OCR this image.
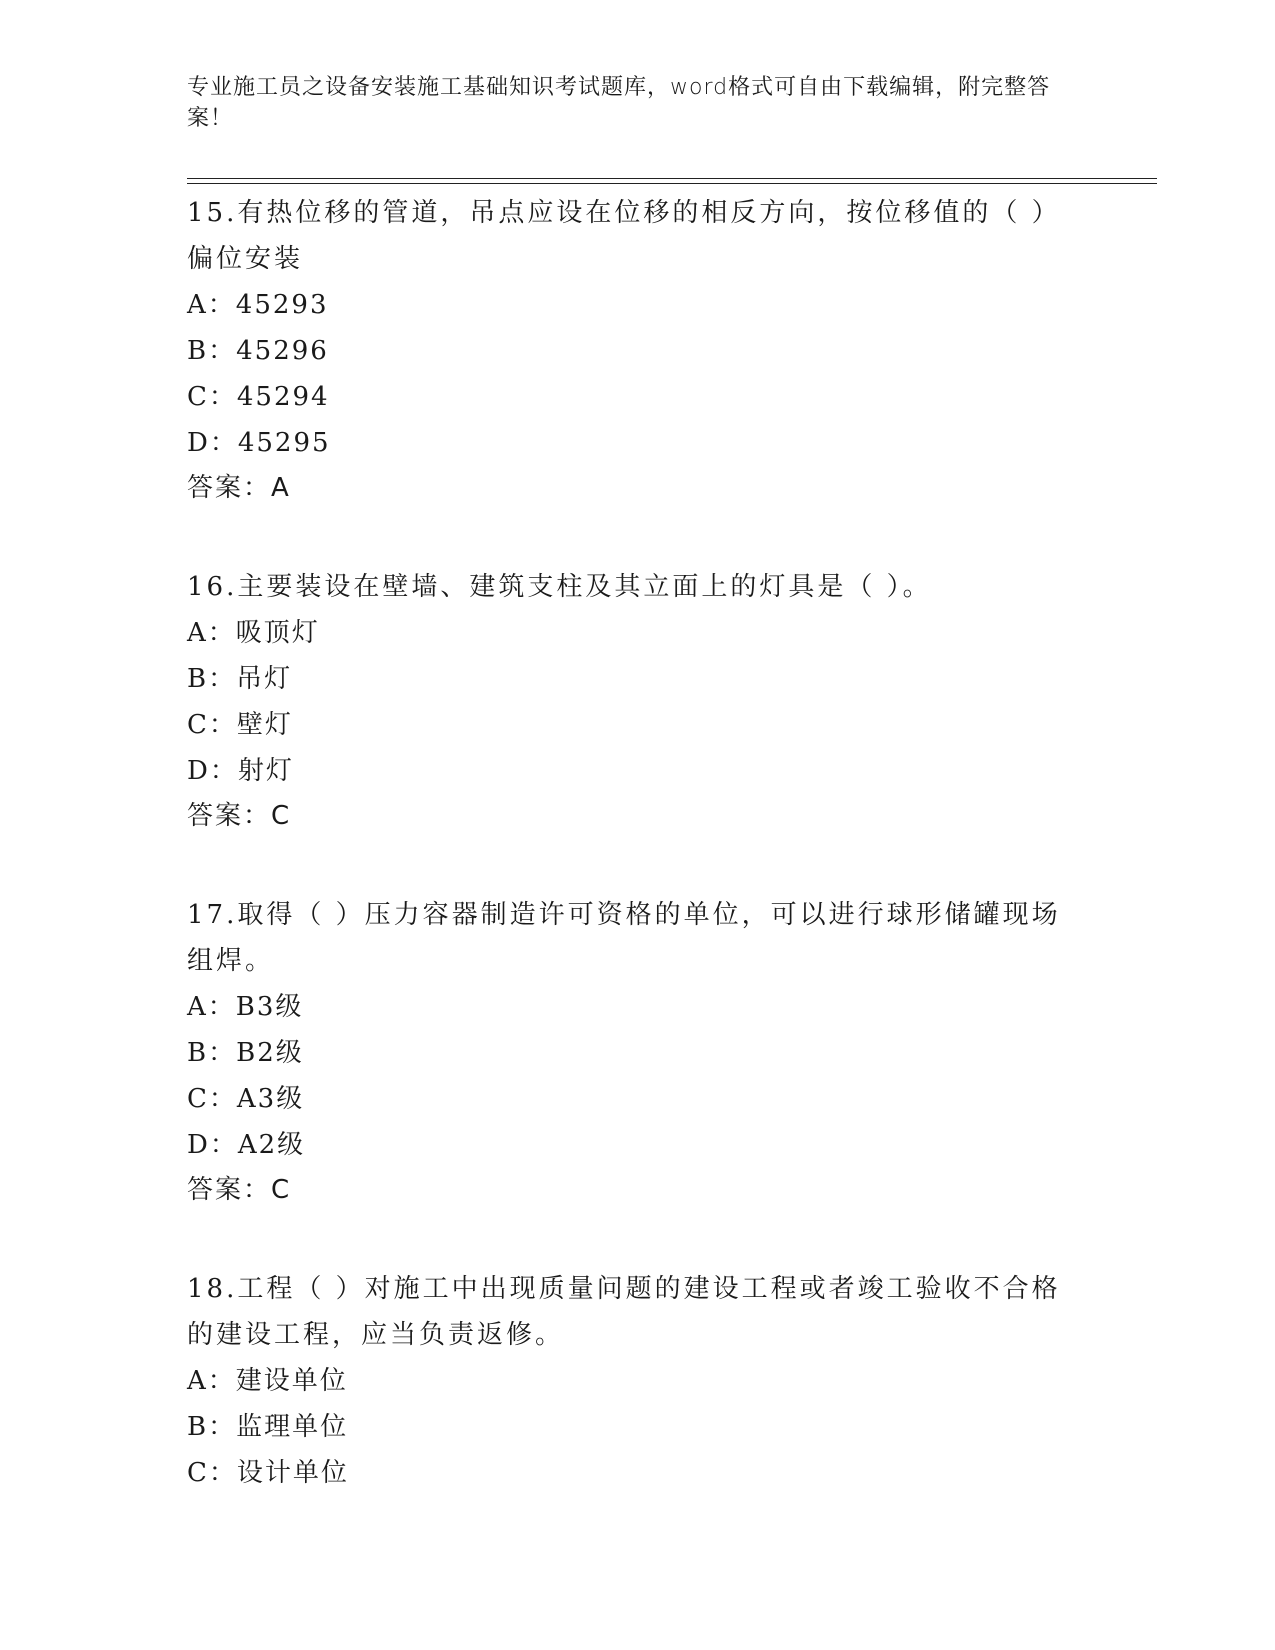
专业施工员之设备安装施工基础知识考试题库，word格式可自由下载编辑，附完整答案！
15.有热位移的管道，吊点应设在位移的相反方向，按位移值的（ ）偏位安装
A：45293
B：45296
C：45294
D：45295
答案：A
16.主要装设在壁墙、建筑支柱及其立面上的灯具是（ ）。
A：吸顶灯
B：吊灯
C：壁灯
D：射灯
答案：C
17.取得（ ）压力容器制造许可资格的单位，可以进行球形储罐现场组焊。
A：B3级
B：B2级
C：A3级
D：A2级
答案：C
18.工程（ ）对施工中出现质量问题的建设工程或者竣工验收不合格的建设工程，应当负责返修。
A：建设单位
B：监理单位
C：设计单位
